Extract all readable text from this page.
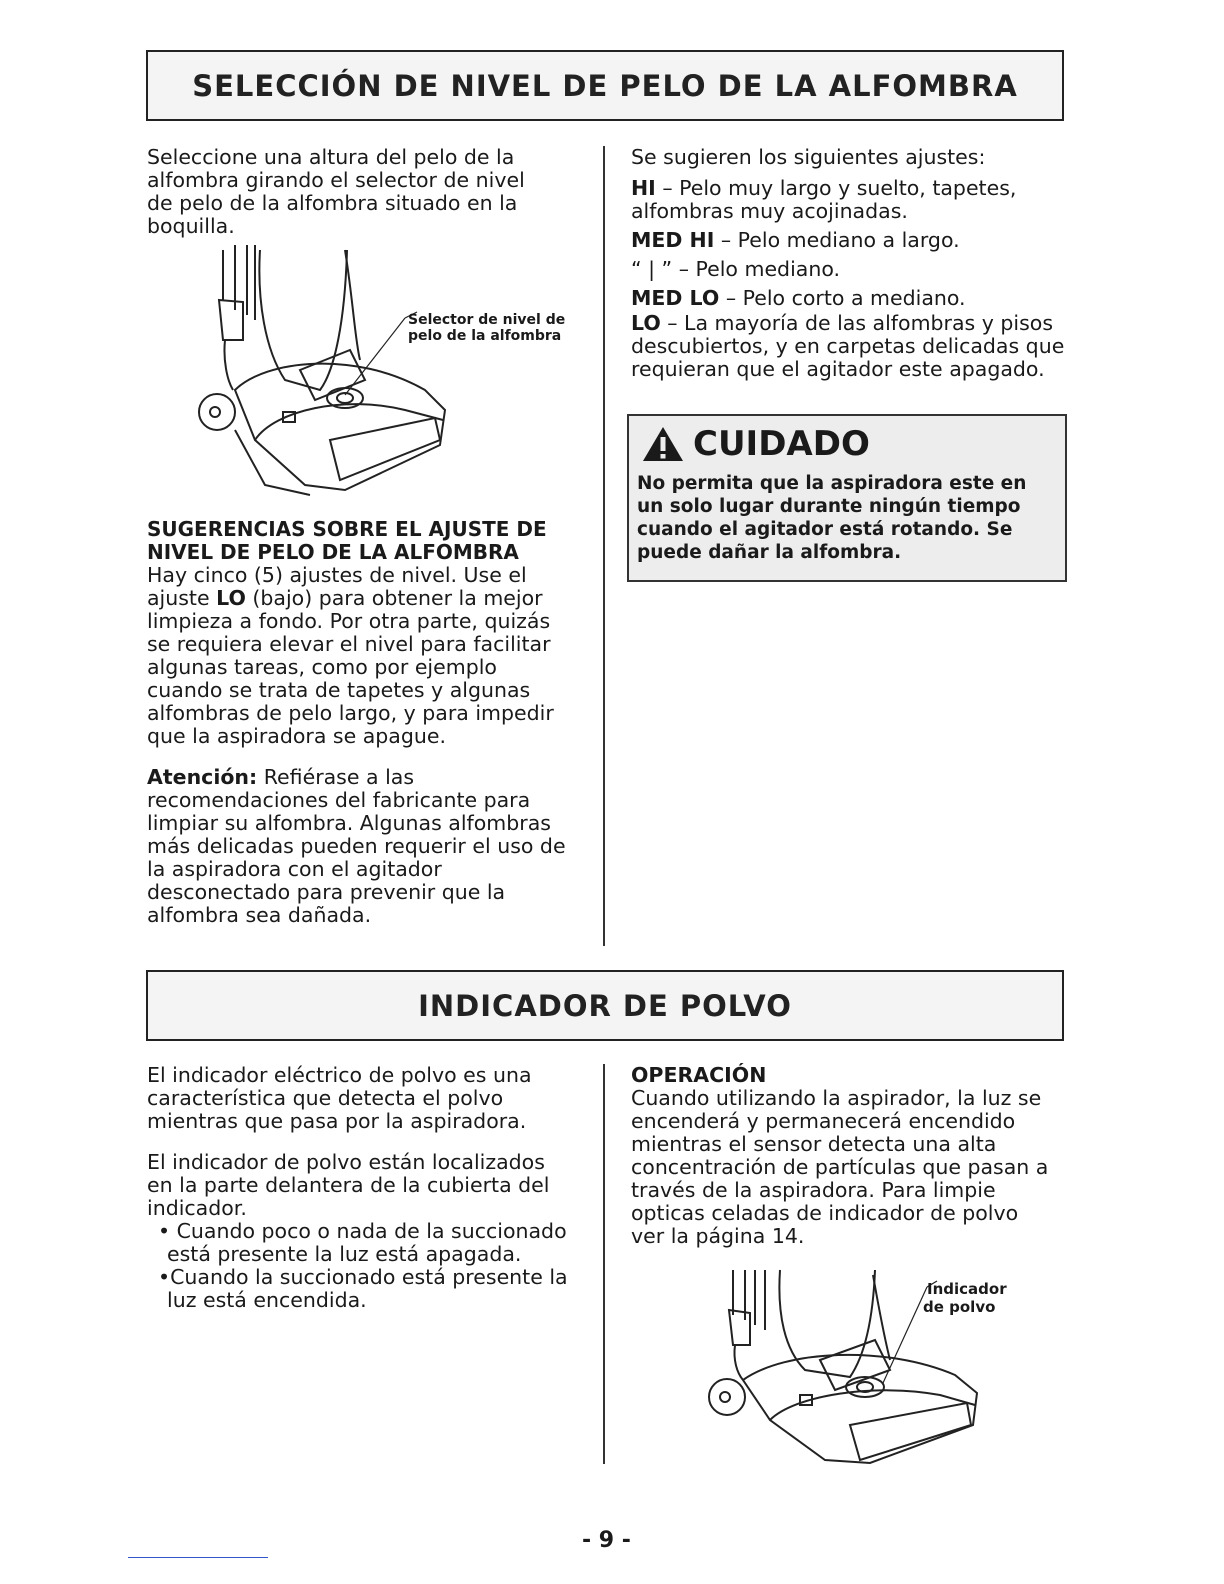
SELECCIÓN DE NIVEL DE PELO DE LA ALFOMBRA

Seleccione una altura del pelo de la alfombra girando el selector de nivel de pelo de la alfombra situado en la boquilla.

Selector de nivel de
pelo de la alfombra
SUGERENCIAS SOBRE EL AJUSTE DE
NIVEL DE PELO DE LA ALFOMBRA

Hay cinco (5) ajustes de nivel. Use el ajuste LO (bajo) para obtener la mejor limpieza a fondo. Por otra parte, quizás se requiera elevar el nivel para facilitar algunas tareas, como por ejemplo cuando se trata de tapetes y algunas alfombras de pelo largo, y para impedir que la aspiradora se apague.

Atención: Refiérase a las recomendaciones del fabricante para limpiar su alfombra. Algunas alfombras más delicadas pueden requerir el uso de la aspiradora con el agitador desconectado para prevenir que la alfombra sea dañada.

Se sugieren los siguientes ajustes:

HI – Pelo muy largo y suelto, tapetes, alfombras muy acojinadas.

MED HI – Pelo mediano a largo.

“ | ” – Pelo mediano.

MED LO – Pelo corto a mediano.

LO – La mayoría de las alfombras y pisos descubiertos, y en carpetas delicadas que requieran que el agitador este apagado.

CUIDADO
No permita que la aspiradora este en un solo lugar durante ningún tiempo cuando el agitador está rotando. Se puede dañar la alfombra.
INDICADOR DE POLVO

El indicador eléctrico de polvo es una característica que detecta el polvo mientras que pasa por la aspiradora.

El indicador de polvo están localizados en la parte delantera de la cubierta del indicador.

• Cuando poco o nada de la succionado está presente la luz está apagada.

•Cuando la succionado está presente la luz está encendida.

OPERACIÓN

Cuando utilizando la aspirador, la luz se encenderá y permanecerá encendido mientras el sensor detecta una alta concentración de partículas que pasan a través de la aspiradora. Para limpie opticas celadas de indicador de polvo ver la página 14.

Indicador
de polvo
- 9 -
